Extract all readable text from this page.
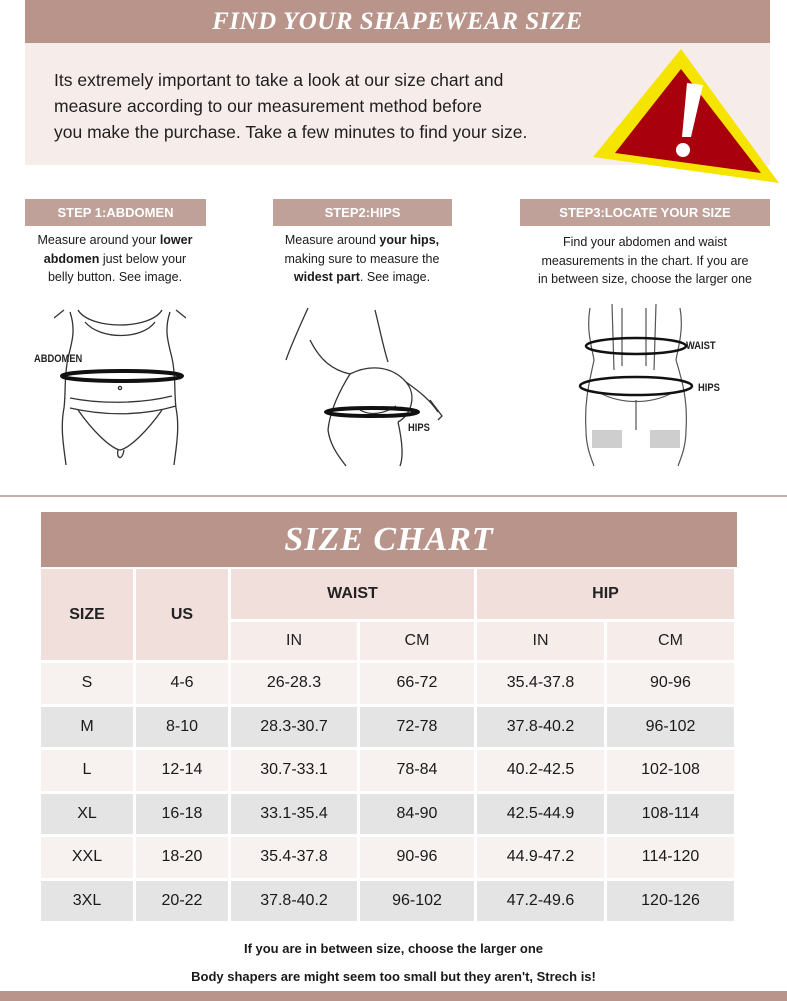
FIND YOUR SHAPEWEAR SIZE
Its extremely important to take a look at our size chart and
measure according to our measurement method before
you make the purchase. Take a few minutes to find your size.
STEP 1:ABDOMEN	STEP2:HIPS	STEP3:LOCATE YOUR SIZE
Measure around your lower
abdomen just below your
belly button. See image.
Measure around your hips,
making sure to measure the
widest part. See image.
Find your abdomen and waist
measurements in the chart. If you are
in between size, choose the larger one
ABDOMEN
HIPS
WAIST
HIPS
SIZE CHART
SIZE	US	WAIST		HIP	
		IN	CM	IN	CM
S	4-6	26-28.3	66-72	35.4-37.8	90-96
M	8-10	28.3-30.7	72-78	37.8-40.2	96-102
L	12-14	30.7-33.1	78-84	40.2-42.5	102-108
XL	16-18	33.1-35.4	84-90	42.5-44.9	108-114
XXL	18-20	35.4-37.8	90-96	44.9-47.2	114-120
3XL	20-22	37.8-40.2	96-102	47.2-49.6	120-126
If you are in between size, choose the larger one
Body shapers are might seem too small but they aren't, Strech is!
